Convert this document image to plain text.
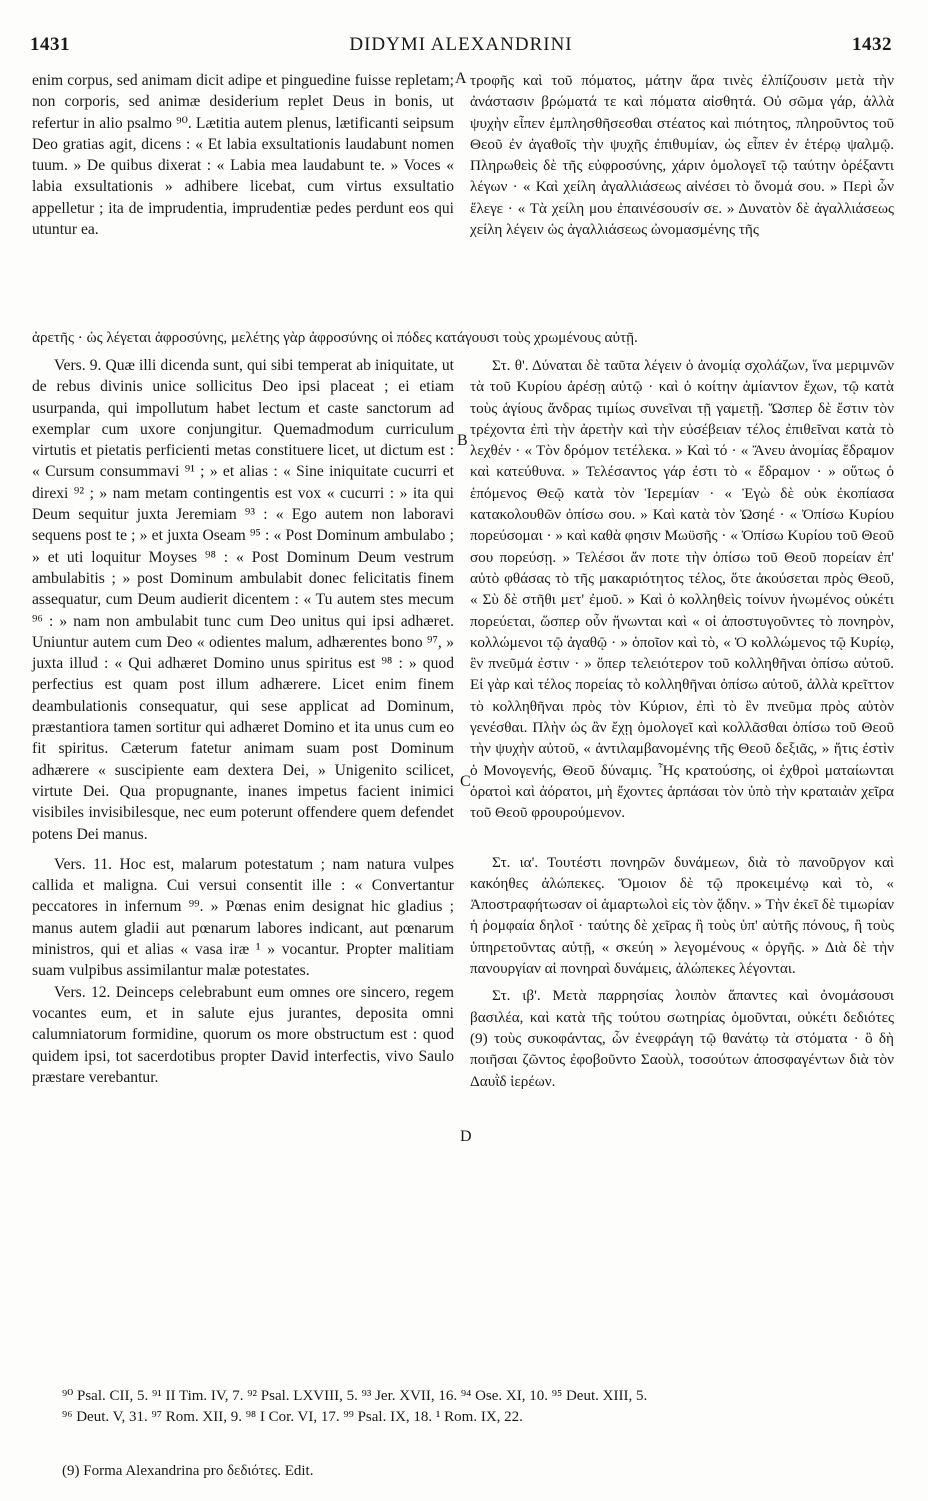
1431	DIDYMI ALEXANDRINI	1432
A
B
C
D

enim corpus, sed animam dicit adipe et pinguedine fuisse repletam; non corporis, sed animæ desiderium replet Deus in bonis, ut refertur in alio psalmo ⁹⁰. Lætitia autem plenus, lætificanti seipsum Deo gratias agit, dicens : « Et labia exsultationis laudabunt nomen tuum. » De quibus dixerat : « Labia mea laudabunt te. » Voces « labia exsultationis » adhibere licebat, cum virtus exsultatio appelletur ; ita de imprudentia, imprudentiæ pedes perdunt eos qui utuntur ea.

τροφῆς καὶ τοῦ πόματος, μάτην ἄρα τινὲς ἐλπίζουσιν μετὰ τὴν ἀνάστασιν βρώματά τε καὶ πόματα αἰσθητά. Οὐ σῶμα γάρ, ἀλλὰ ψυχὴν εἶπεν ἐμπλησθῆσεσθαι στέατος καὶ πιότητος, πληροῦντος τοῦ Θεοῦ ἐν ἀγαθοῖς τὴν ψυχῆς ἐπιθυμίαν, ὡς εἶπεν ἐν ἑτέρῳ ψαλμῷ. Πληρωθεὶς δὲ τῆς εὐφροσύνης, χάριν ὁμολογεῖ τῷ ταύτην ὀρέξαντι λέγων · « Καὶ χείλη ἀγαλλιάσεως αἰνέσει τὸ ὄνομά σου. » Περὶ ὧν ἔλεγε · « Τὰ χείλη μου ἐπαινέσουσίν σε. » Δυνατὸν δὲ ἀγαλλιάσεως χείλη λέγειν ὡς ἀγαλλιάσεως ὠνομασμένης τῆς

ἀρετῆς · ὡς λέγεται ἀφροσύνης, μελέτης γὰρ ἀφροσύνης οἱ πόδες κατάγουσι τοὺς χρωμένους αὐτῇ.

Vers. 9. Quæ illi dicenda sunt, qui sibi temperat ab iniquitate, ut de rebus divinis unice sollicitus Deo ipsi placeat ; ei etiam usurpanda, qui impollutum habet lectum et caste sanctorum ad exemplar cum uxore conjungitur. Quemadmodum curriculum virtutis et pietatis perficienti metas constituere licet, ut dictum est : « Cursum consummavi ⁹¹ ; » et alias : « Sine iniquitate cucurri et direxi ⁹² ; » nam metam contingentis est vox « cucurri : » ita qui Deum sequitur juxta Jeremiam ⁹³ : « Ego autem non laboravi sequens post te ; » et juxta Oseam ⁹⁵ : « Post Dominum ambulabo ; » et uti loquitur Moyses ⁹⁸ : « Post Dominum Deum vestrum ambulabitis ; » post Dominum ambulabit donec felicitatis finem assequatur, cum Deum audierit dicentem : « Tu autem stes mecum ⁹⁶ : » nam non ambulabit tunc cum Deo unitus qui ipsi adhæret. Uniuntur autem cum Deo « odientes malum, adhærentes bono ⁹⁷, » juxta illud : « Qui adhæret Domino unus spiritus est ⁹⁸ : » quod perfectius est quam post illum adhærere. Licet enim finem deambulationis consequatur, qui sese applicat ad Dominum, præstantiora tamen sortitur qui adhæret Domino et ita unus cum eo fit spiritus. Cæterum fatetur animam suam post Dominum adhærere « suscipiente eam dextera Dei, » Unigenito scilicet, virtute Dei. Qua propugnante, inanes impetus facient inimici visibiles invisibilesque, nec eum poterunt offendere quem defendet potens Dei manus.

Vers. 11. Hoc est, malarum potestatum ; nam natura vulpes callida et maligna. Cui versui consentit ille : « Convertantur peccatores in infernum ⁹⁹. » Pœnas enim designat hic gladius ; manus autem gladii aut pœnarum labores indicant, aut pœnarum ministros, qui et alias « vasa iræ ¹ » vocantur. Propter malitiam suam vulpibus assimilantur malæ potestates.

Vers. 12. Deinceps celebrabunt eum omnes ore sincero, regem vocantes eum, et in salute ejus jurantes, deposita omni calumniatorum formidine, quorum os more obstructum est : quod quidem ipsi, tot sacerdotibus propter David interfectis, vivo Saulo præstare verebantur.

Στ. θ'. Δύναται δὲ ταῦτα λέγειν ὁ ἀνομίᾳ σχολάζων, ἵνα μεριμνῶν τὰ τοῦ Κυρίου ἀρέσῃ αὐτῷ · καὶ ὁ κοίτην ἀμίαντον ἔχων, τῷ κατὰ τοὺς ἁγίους ἄνδρας τιμίως συνεῖναι τῇ γαμετῇ. Ὥσπερ δὲ ἔστιν τὸν τρέχοντα ἐπὶ τὴν ἀρετὴν καὶ τὴν εὐσέβειαν τέλος ἐπιθεῖναι κατὰ τὸ λεχθέν · « Τὸν δρόμον τετέλεκα. » Καὶ τό · « Ἄνευ ἀνομίας ἔδραμον καὶ κατεύθυνα. » Τελέσαντος γάρ ἐστι τὸ « ἔδραμον · » οὕτως ὁ ἑπόμενος Θεῷ κατὰ τὸν Ἱερεμίαν · « Ἐγὼ δὲ οὐκ ἐκοπίασα κατακολουθῶν ὀπίσω σου. » Καὶ κατὰ τὸν Ὠσηέ · « Ὀπίσω Κυρίου πορεύσομαι · » καὶ καθὰ φησιν Μωϋσῆς · « Ὀπίσω Κυρίου τοῦ Θεοῦ σου πορεύσῃ. » Τελέσοι ἄν ποτε τὴν ὀπίσω τοῦ Θεοῦ πορείαν ἐπ' αὐτὸ φθάσας τὸ τῆς μακαριότητος τέλος, ὅτε ἀκούσεται πρὸς Θεοῦ, « Σὺ δὲ στῆθι μετ' ἐμοῦ. » Καὶ ὁ κολληθεὶς τοίνυν ἡνωμένος οὐκέτι πορεύεται, ὥσπερ οὖν ἥνωνται καὶ « οἱ ἀποστυγοῦντες τὸ πονηρὸν, κολλώμενοι τῷ ἀγαθῷ · » ὁποῖον καὶ τὸ, « Ὁ κολλώμενος τῷ Κυρίῳ, ἓν πνεῦμά ἐστιν · » ὅπερ τελειότερον τοῦ κολληθῆναι ὀπίσω αὐτοῦ. Εἰ γὰρ καὶ τέλος πορείας τὸ κολληθῆναι ὀπίσω αὐτοῦ, ἀλλὰ κρεῖττον τὸ κολληθῆναι πρὸς τὸν Κύριον, ἐπὶ τὸ ἓν πνεῦμα πρὸς αὐτὸν γενέσθαι. Πλὴν ὡς ἂν ἔχῃ ὁμολογεῖ καὶ κολλᾶσθαι ὀπίσω τοῦ Θεοῦ τὴν ψυχὴν αὐτοῦ, « ἀντιλαμβανομένης τῆς Θεοῦ δεξιᾶς, » ἥτις ἐστὶν ὁ Μονογενής, Θεοῦ δύναμις. Ἧς κρατούσης, οἱ ἐχθροὶ ματαίωνται ὁρατοὶ καὶ ἀόρατοι, μὴ ἔχοντες ἁρπάσαι τὸν ὑπὸ τὴν κραταιὰν χεῖρα τοῦ Θεοῦ φρουρούμενον.

Στ. ια'. Τουτέστι πονηρῶν δυνάμεων, διὰ τὸ πανοῦργον καὶ κακόηθες ἀλώπεκες. Ὅμοιον δὲ τῷ προκειμένῳ καὶ τὸ, « Ἀποστραφήτωσαν οἱ ἁμαρτωλοὶ εἰς τὸν ᾅδην. » Τὴν ἐκεῖ δὲ τιμωρίαν ἡ ῥομφαία δηλοῖ · ταύτης δὲ χεῖρας ἢ τοὺς ὑπ' αὐτῆς πόνους, ἢ τοὺς ὑπηρετοῦντας αὐτῇ, « σκεύη » λεγομένους « ὀργῆς. » Διὰ δὲ τὴν πανουργίαν αἱ πονηραὶ δυνάμεις, ἀλώπεκες λέγονται.

Στ. ιβ'. Μετὰ παρρησίας λοιπὸν ἅπαντες καὶ ὀνομάσουσι βασιλέα, καὶ κατὰ τῆς τούτου σωτηρίας ὀμοῦνται, οὐκέτι δεδιότες (9) τοὺς συκοφάντας, ὧν ἐνεφράγη τῷ θανάτῳ τὰ στόματα · ὃ δὴ ποιῆσαι ζῶντος ἐφοβοῦντο Σαοὺλ, τοσούτων ἀποσφαγέντων διὰ τὸν Δαυῒδ ἱερέων.

⁹⁰ Psal. CII, 5. ⁹¹ II Tim. IV, 7. ⁹² Psal. LXVIII, 5. ⁹³ Jer. XVII, 16. ⁹⁴ Ose. XI, 10. ⁹⁵ Deut. XIII, 5.
⁹⁶ Deut. V, 31. ⁹⁷ Rom. XII, 9. ⁹⁸ I Cor. VI, 17. ⁹⁹ Psal. IX, 18. ¹ Rom. IX, 22.
(9) Forma Alexandrina pro δεδιότες. Edit.
